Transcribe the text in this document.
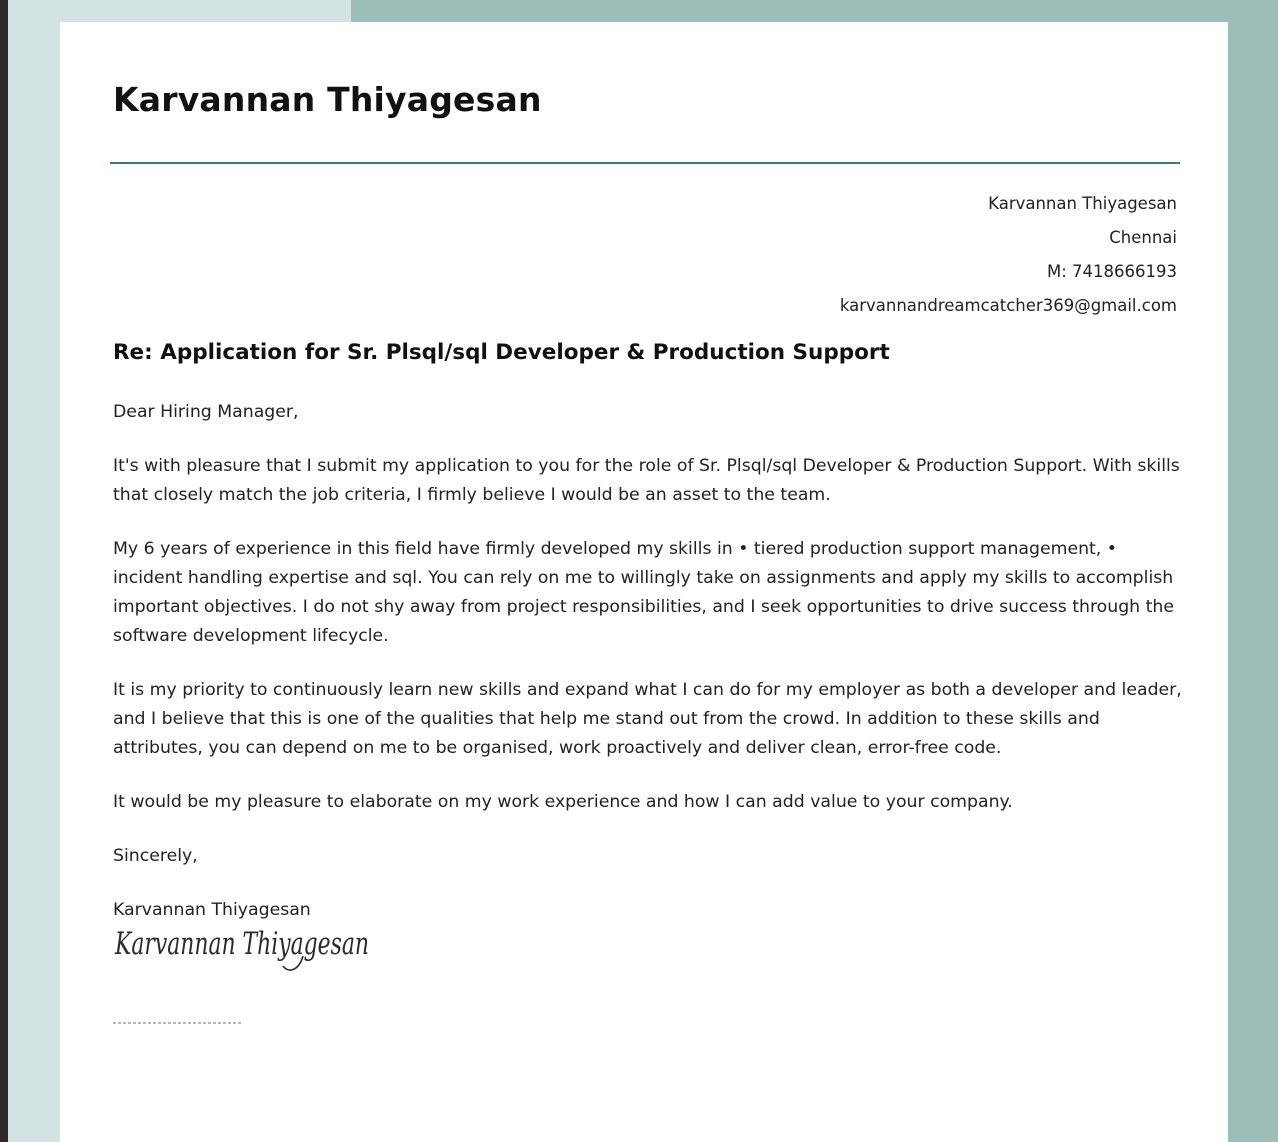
Karvannan Thiyagesan
Karvannan Thiyagesan
Chennai
M: 7418666193
karvannandreamcatcher369@gmail.com
Re: Application for Sr. Plsql/sql Developer & Production Support

Dear Hiring Manager,

It's with pleasure that I submit my application to you for the role of Sr. Plsql/sql Developer & Production Support. With skills that closely match the job criteria, I firmly believe I would be an asset to the team.

My 6 years of experience in this field have firmly developed my skills in • tiered production support management, • incident handling expertise and sql. You can rely on me to willingly take on assignments and apply my skills to accomplish important objectives. I do not shy away from project responsibilities, and I seek opportunities to drive success through the software development lifecycle.

It is my priority to continuously learn new skills and expand what I can do for my employer as both a developer and leader, and I believe that this is one of the qualities that help me stand out from the crowd. In addition to these skills and attributes, you can depend on me to be organised, work proactively and deliver clean, error-free code.

It would be my pleasure to elaborate on my work experience and how I can add value to your company.

Sincerely,

Karvannan Thiyagesan

Karvannan Thiyagesan
